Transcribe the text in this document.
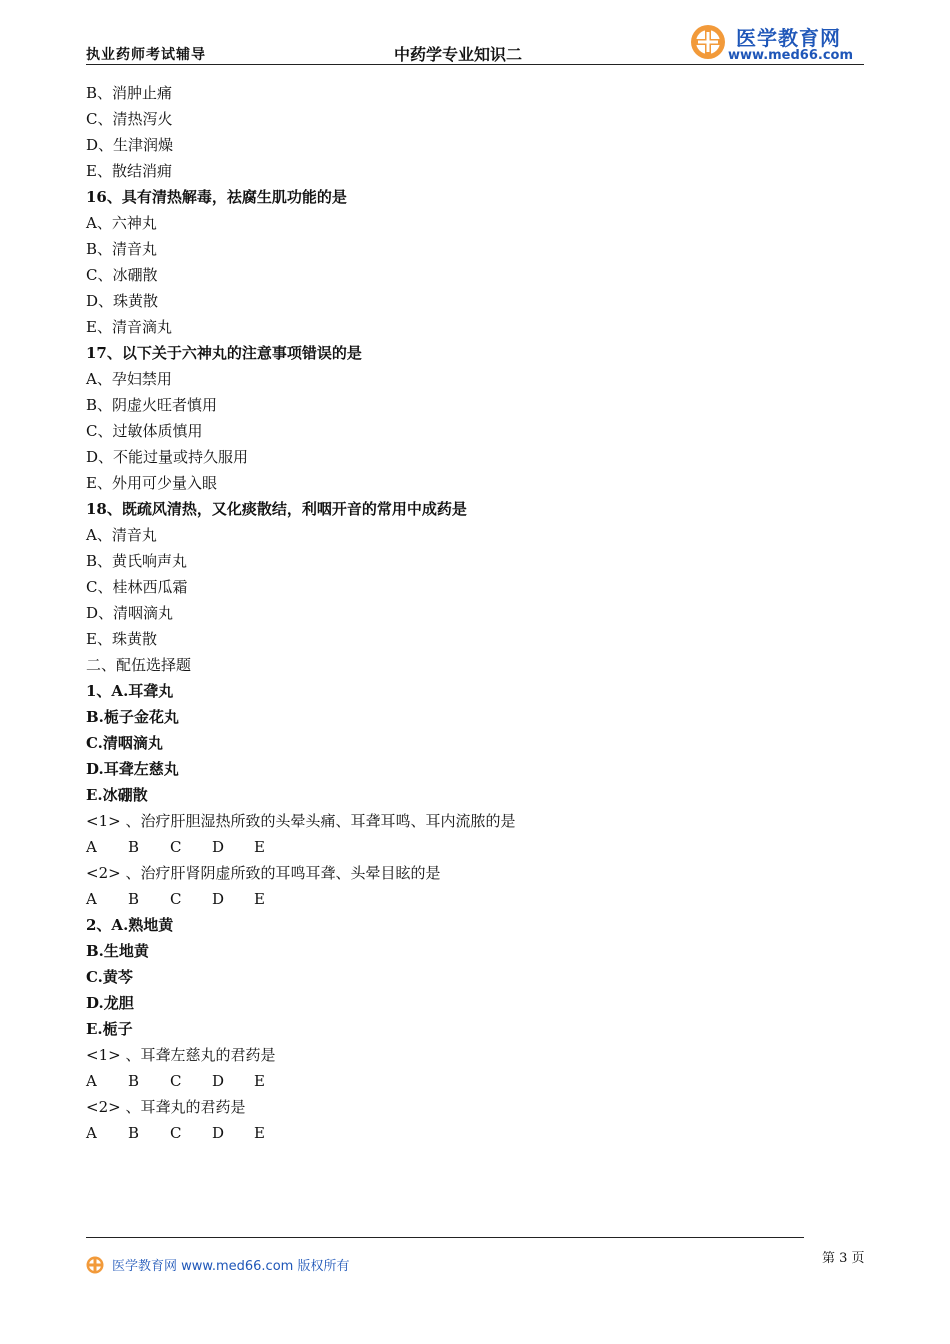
执业药师考试辅导	中药学专业知识二
医学教育网
www.med66.com
B、消肿止痛
C、清热泻火
D、生津润燥
E、散结消痈
16、具有清热解毒，祛腐生肌功能的是
A、六神丸
B、清音丸
C、冰硼散
D、珠黄散
E、清音滴丸
17、以下关于六神丸的注意事项错误的是
A、孕妇禁用
B、阴虚火旺者慎用
C、过敏体质慎用
D、不能过量或持久服用
E、外用可少量入眼
18、既疏风清热，又化痰散结，利咽开音的常用中成药是
A、清音丸
B、黄氏响声丸
C、桂林西瓜霜
D、清咽滴丸
E、珠黄散
二、配伍选择题
1、A.耳聋丸
B.栀子金花丸
C.清咽滴丸
D.耳聋左慈丸
E.冰硼散
<1> 、治疗肝胆湿热所致的头晕头痛、耳聋耳鸣、耳内流脓的是
A B C D E
<2> 、治疗肝肾阴虚所致的耳鸣耳聋、头晕目眩的是
A B C D E
2、A.熟地黄
B.生地黄
C.黄芩
D.龙胆
E.栀子
<1> 、耳聋左慈丸的君药是
A B C D E
<2> 、耳聋丸的君药是
A B C D E
医学教育网 www.med66.com 版权所有
第 3 页
